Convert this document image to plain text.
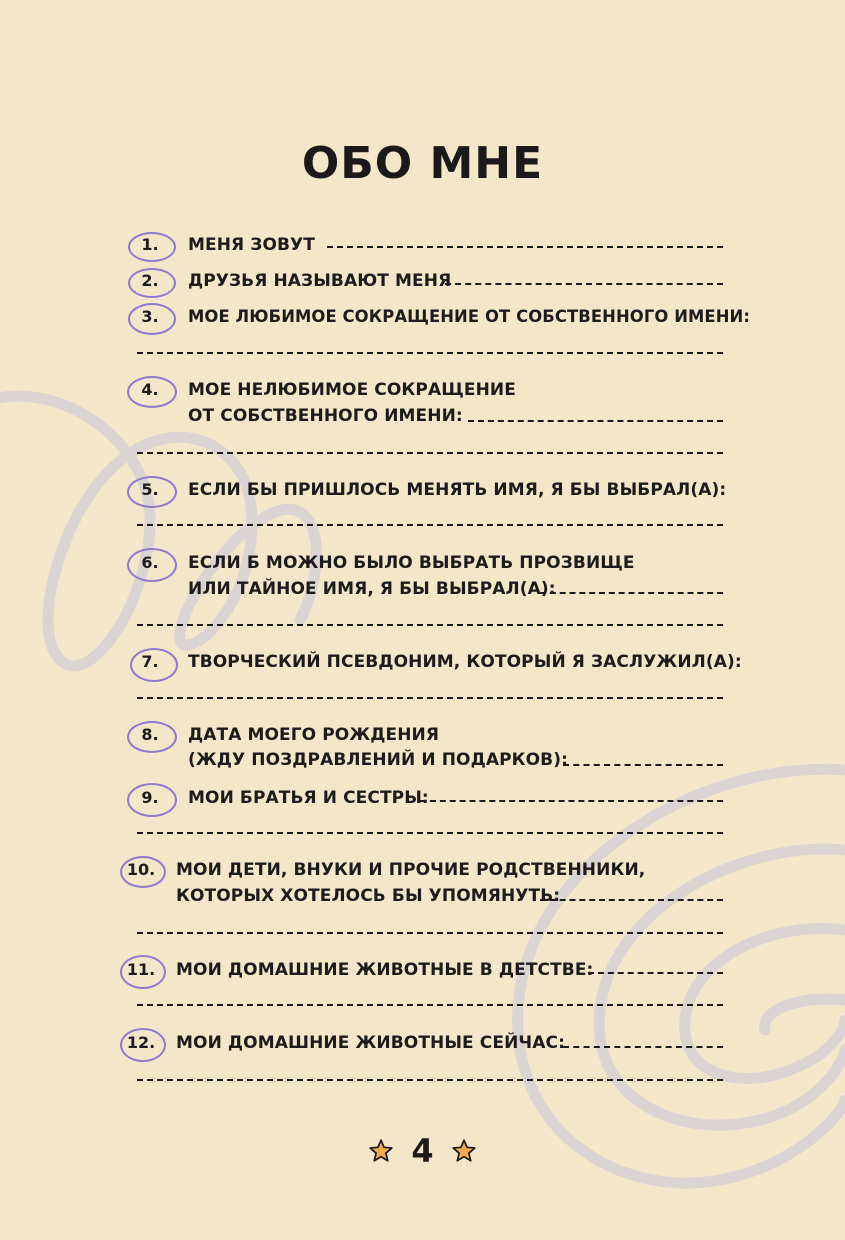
ОБО МНЕ
1.	МЕНЯ ЗОВУТ
2.	ДРУЗЬЯ НАЗЫВАЮТ МЕНЯ
3.	МОЕ ЛЮБИМОЕ СОКРАЩЕНИЕ ОТ СОБСТВЕННОГО ИМЕНИ:
4.	МОЕ НЕЛЮБИМОЕ СОКРАЩЕНИЕ
ОТ СОБСТВЕННОГО ИМЕНИ:
5.	ЕСЛИ БЫ ПРИШЛОСЬ МЕНЯТЬ ИМЯ, Я БЫ ВЫБРАЛ(А):
6.	ЕСЛИ Б МОЖНО БЫЛО ВЫБРАТЬ ПРОЗВИЩЕ
ИЛИ ТАЙНОЕ ИМЯ, Я БЫ ВЫБРАЛ(А):
7.	ТВОРЧЕСКИЙ ПСЕВДОНИМ, КОТОРЫЙ Я ЗАСЛУЖИЛ(А):
8.	ДАТА МОЕГО РОЖДЕНИЯ
(ЖДУ ПОЗДРАВЛЕНИЙ И ПОДАРКОВ):
9.	МОИ БРАТЬЯ И СЕСТРЫ:
10.	МОИ ДЕТИ, ВНУКИ И ПРОЧИЕ РОДСТВЕННИКИ,
КОТОРЫХ ХОТЕЛОСЬ БЫ УПОМЯНУТЬ:
11.	МОИ ДОМАШНИЕ ЖИВОТНЫЕ В ДЕТСТВЕ:
12.	МОИ ДОМАШНИЕ ЖИВОТНЫЕ СЕЙЧАС:
4
